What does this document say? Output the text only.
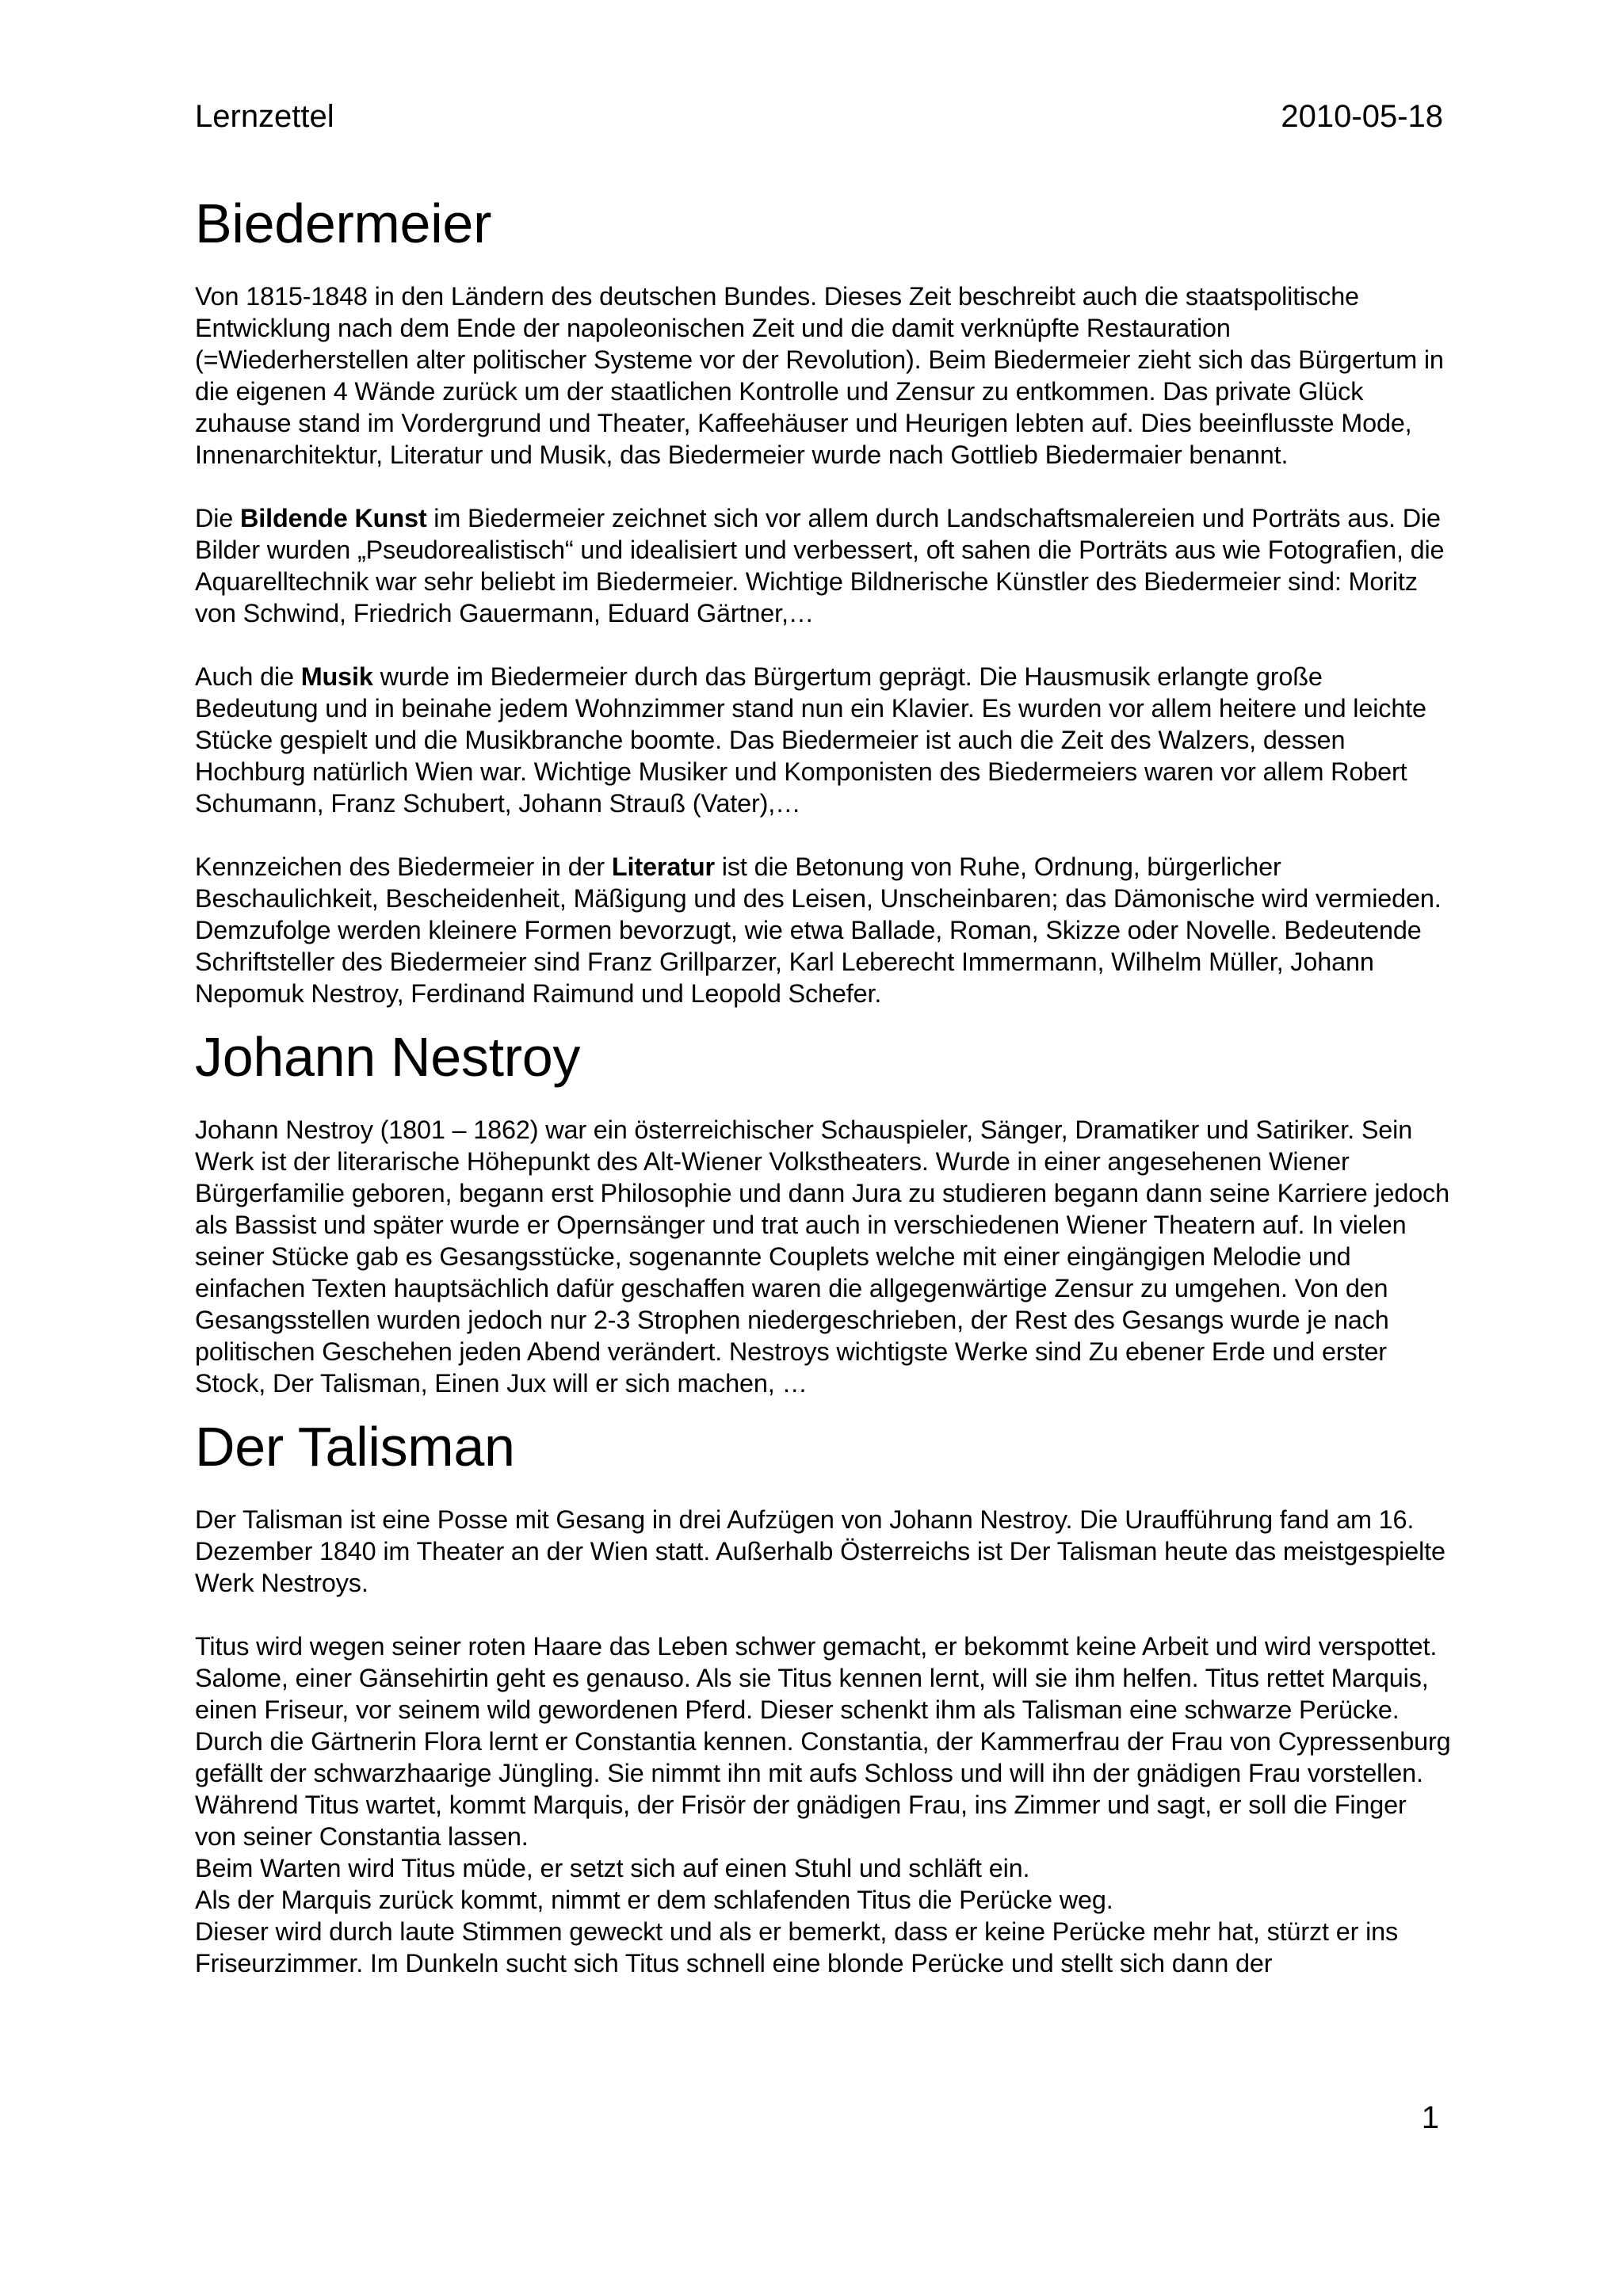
Lernzettel	2010-05-18
Biedermeier

Von 1815-1848 in den Ländern des deutschen Bundes. Dieses Zeit beschreibt auch die staatspolitische Entwicklung nach dem Ende der napoleonischen Zeit und die damit verknüpfte Restauration (=Wiederherstellen alter politischer Systeme vor der Revolution). Beim Biedermeier zieht sich das Bürgertum in die eigenen 4 Wände zurück um der staatlichen Kontrolle und Zensur zu entkommen. Das private Glück zuhause stand im Vordergrund und Theater, Kaffeehäuser und Heurigen lebten auf. Dies beeinflusste Mode, Innenarchitektur, Literatur und Musik, das Biedermeier wurde nach Gottlieb Biedermaier benannt.

Die Bildende Kunst im Biedermeier zeichnet sich vor allem durch Landschaftsmalereien und Porträts aus. Die Bilder wurden „Pseudorealistisch“ und idealisiert und verbessert, oft sahen die Porträts aus wie Fotografien, die Aquarelltechnik war sehr beliebt im Biedermeier. Wichtige Bildnerische Künstler des Biedermeier sind: Moritz von Schwind, Friedrich Gauermann, Eduard Gärtner,…

Auch die Musik wurde im Biedermeier durch das Bürgertum geprägt. Die Hausmusik erlangte große Bedeutung und in beinahe jedem Wohnzimmer stand nun ein Klavier. Es wurden vor allem heitere und leichte Stücke gespielt und die Musikbranche boomte. Das Biedermeier ist auch die Zeit des Walzers, dessen Hochburg natürlich Wien war. Wichtige Musiker und Komponisten des Biedermeiers waren vor allem Robert Schumann, Franz Schubert, Johann Strauß (Vater),…

Kennzeichen des Biedermeier in der Literatur ist die Betonung von Ruhe, Ordnung, bürgerlicher Beschaulichkeit, Bescheidenheit, Mäßigung und des Leisen, Unscheinbaren; das Dämonische wird vermieden. Demzufolge werden kleinere Formen bevorzugt, wie etwa Ballade, Roman, Skizze oder Novelle. Bedeutende Schriftsteller des Biedermeier sind Franz Grillparzer, Karl Leberecht Immermann, Wilhelm Müller, Johann Nepomuk Nestroy, Ferdinand Raimund und Leopold Schefer.

Johann Nestroy

Johann Nestroy (1801 – 1862) war ein österreichischer Schauspieler, Sänger, Dramatiker und Satiriker. Sein Werk ist der literarische Höhepunkt des Alt-Wiener Volkstheaters. Wurde in einer angesehenen Wiener Bürgerfamilie geboren, begann erst Philosophie und dann Jura zu studieren begann dann seine Karriere jedoch als Bassist und später wurde er Opernsänger und trat auch in verschiedenen Wiener Theatern auf. In vielen seiner Stücke gab es Gesangsstücke, sogenannte Couplets welche mit einer eingängigen Melodie und einfachen Texten hauptsächlich dafür geschaffen waren die allgegenwärtige Zensur zu umgehen. Von den Gesangsstellen wurden jedoch nur 2-3 Strophen niedergeschrieben, der Rest des Gesangs wurde je nach politischen Geschehen jeden Abend verändert. Nestroys wichtigste Werke sind Zu ebener Erde und erster Stock, Der Talisman, Einen Jux will er sich machen, …

Der Talisman

Der Talisman ist eine Posse mit Gesang in drei Aufzügen von Johann Nestroy. Die Uraufführung fand am 16. Dezember 1840 im Theater an der Wien statt. Außerhalb Österreichs ist Der Talisman heute das meistgespielte Werk Nestroys.

Titus wird wegen seiner roten Haare das Leben schwer gemacht, er bekommt keine Arbeit und wird verspottet. Salome, einer Gänsehirtin geht es genauso. Als sie Titus kennen lernt, will sie ihm helfen. Titus rettet Marquis, einen Friseur, vor seinem wild gewordenen Pferd. Dieser schenkt ihm als Talisman eine schwarze Perücke.

Durch die Gärtnerin Flora lernt er Constantia kennen. Constantia, der Kammerfrau der Frau von Cypressenburg gefällt der schwarzhaarige Jüngling. Sie nimmt ihn mit aufs Schloss und will ihn der gnädigen Frau vorstellen. Während Titus wartet, kommt Marquis, der Frisör der gnädigen Frau, ins Zimmer und sagt, er soll die Finger von seiner Constantia lassen.

Beim Warten wird Titus müde, er setzt sich auf einen Stuhl und schläft ein.

Als der Marquis zurück kommt, nimmt er dem schlafenden Titus die Perücke weg.

Dieser wird durch laute Stimmen geweckt und als er bemerkt, dass er keine Perücke mehr hat, stürzt er ins Friseurzimmer. Im Dunkeln sucht sich Titus schnell eine blonde Perücke und stellt sich dann der

1
